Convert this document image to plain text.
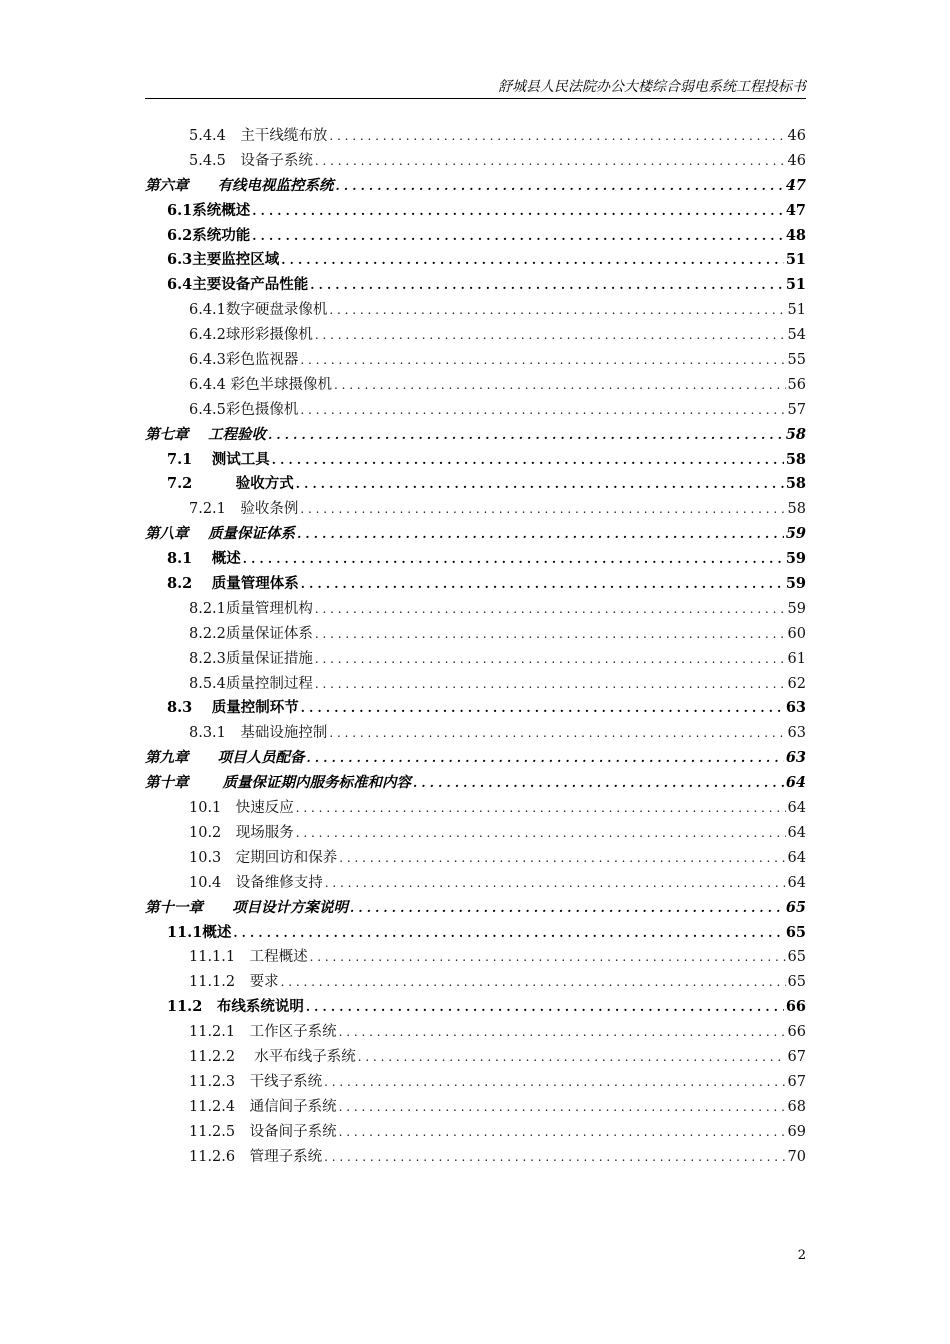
舒城县人民法院办公大楼综合弱电系统工程投标书
5.4.4　主干线缆布放 . . .	46
5.4.5　设备子系统 . . .	46
第六章　　有线电视监控系统 . . .	47
6.1系统概述 . . .	47
6.2系统功能 . . .	48
6.3主要监控区域 . . .	51
6.4主要设备产品性能 . . .	51
6.4.1数字硬盘录像机 . . .	51
6.4.2球形彩摄像机 . . .	54
6.4.3彩色监视器 . . .	55
6.4.4 彩色半球摄像机 . . .	56
6.4.5彩色摄像机 . . .	57
第七章　 工程验收 . . .	58
7.1　 测试工具 . . .	58
7.2　　　验收方式 . . .	58
7.2.1　验收条例 . . .	58
第八章　 质量保证体系 . . .	59
8.1　 概述 . . .	59
8.2　 质量管理体系 . . .	59
8.2.1质量管理机构 . . .	59
8.2.2质量保证体系 . . .	60
8.2.3质量保证措施 . . .	61
8.5.4质量控制过程 . . .	62
8.3　 质量控制环节 . . .	63
8.3.1　基础设施控制 . . .	63
第九章　　项目人员配备 . . .	63
第十章　　 质量保证期内服务标准和内容 . . .	64
10.1　快速反应 . . .	64
10.2　现场服务 . . .	64
10.3　定期回访和保养 . . .	64
10.4　设备维修支持 . . .	64
第十一章　　项目设计方案说明 . . .	65
11.1概述 . . .	65
11.1.1　工程概述 . . .	65
11.1.2　要求 . . .	65
11.2　布线系统说明 . . .	66
11.2.1　工作区子系统 . . .	66
11.2.2　 水平布线子系统 . . .	67
11.2.3　干线子系统 . . .	67
11.2.4　通信间子系统 . . .	68
11.2.5　设备间子系统 . . .	69
11.2.6　管理子系统 . . .	70
2
